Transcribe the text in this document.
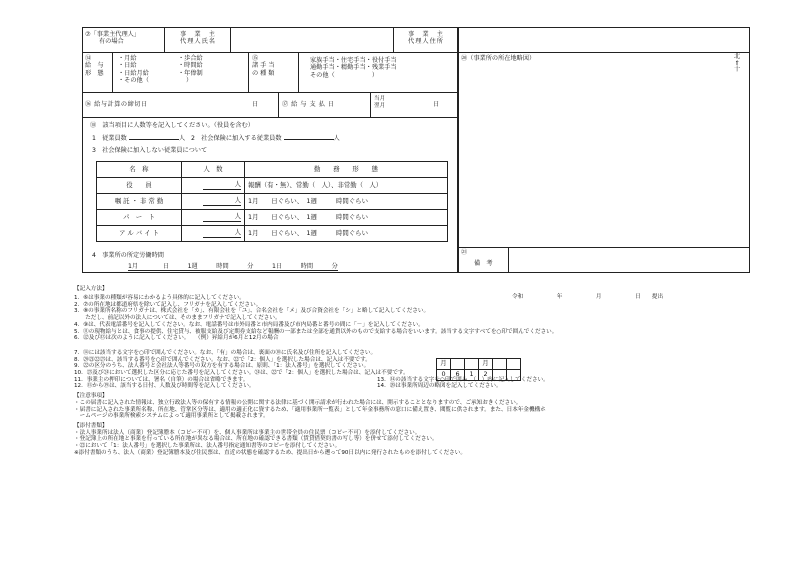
⑦「事業主代理人」
有の場合
事　業　主
代理人氏名
事　業　主
代理人住所
⑭
給　与
形　態
・月給	・歩合給
・日給	・時間給
・日給月給	・年俸制
・その他（　　　　　　）
⑮
諸 手 当
の 種 類
家族手当・住宅手当・役付手当
通勤手当・精勤手当・残業手当
その他（　　　　　　）
⑳（事業所の所在地略図）	北
⇑
十
⑯ 給与計算の締切日	日	⑰ 給 与 支 払 日
当月
翌月	日
⑱　該当項目に人数等を記入してください。（役員を含む）
1　従業員数	人 2　社会保険に加入する従業員数	人
3　社会保険に加入しない従業員について
名　称	人　数	勤　　務　　形　　態
役　　員	人	報酬（有・無）、常勤（　人）、非常勤（　人）
嘱 託 ・ 非 常 勤	人	1月　　日ぐらい、　1週　　　時間ぐらい
パ　ー　ト	人	1月　　日ぐらい、　1週　　　時間ぐらい
ア ル バ イ ト	人	1月　　日ぐらい、　1週　　　時間ぐらい
4　事業所の所定労働時間
1月　　　　日　　　1週　　　時間　　　分　　　1日　　　時間　　　分
㉑
備　考
【記入方法】
1．⑥は事業の種類が容易にわかるよう具体的に記入してください。
2．⑦の所在地は都道府県を除いて記入し、フリガナを記入してください。
3．⑧の事業所名称のフリガナは、株式会社を「カ」、有限会社を「ユ」、合名会社を「メ」及び合資会社を「シ」と略して記入してください。
　　ただし、前記以外の法人については、そのままフリガナで記入してください。
4．⑨は、代表電話番号を記入してください。なお、電話番号は市外局番と市内局番及び市内局番と番号の間に「－」を記入してください。
5．⑪の現物給与とは、食事の提供、住宅貸与、被服支給及び定期券支給など報酬の一部または全部を通貨以外のもので支給する場合をいいます。該当する文字すべてを○印で囲んでください。
6．⑫及び⑬は次のように記入してください。　　（例）昇給月が6月と12月の場合
7．⑭には該当する文字を○印で囲んでください。なお、「有」の場合は、裏面の⑱に氏名及び住所を記入してください。
8．⑳㉑㉒㉓は、該当する番号を○印で囲んでください。なお、㉒で「2：個人」を選択した場合は、記入は不要です。
9．㉒の区分のうち、法人番号と会社法人等番号の双方を有する場合は、原則、「1：法人番号」を選択してください。
10．㉓及び㉔において選択した区分に応じた番号を記入してください。㉔は、㉒で「2：個人」を選択した場合は、記入は不要です。
11．事業主の押印については、署名（自筆）の場合は省略できます。	13．⑭の該当する文字を○印で囲み、（　）内に記入してください。
12．⑮から⑲は、該当する日付、人数及び時間等を記入してください。	14．⑳は事業所周辺の略図を記入してください。
【注意事項】
・この届書に記入された情報は、独立行政法人等の保有する情報の公開に関する法律に基づく開示請求が行われた場合には、開示することとなりますので、ご承知おきください。
・届書に記入された事業所名称、所在地、管掌区分等は、適用の適正化に資するため、「適用事業所一覧表」として年金事務所の窓口に備え置き、閲覧に供されます。また、日本年金機構ホ
　ームページの事業所検索システムによって適用事業所として掲載されます。
【添付書類】
・法人事業所は法人（商業）登記簿謄本（コピー不可）を、個人事業所は事業主の世帯全員の住民票（コピー不可）を添付してください。
・登記簿上の所在地と事業を行っている所在地が異なる場合は、所在地の確認できる書類（賃貸借契約書の写し等）を併せて添付してください。
・㉒において「1：法人番号」を選択した事業所は、法人番号指定通知書等のコピーを添付してください。
※添付書類のうち、法人（商業）登記簿謄本及び住民票は、直近の状態を確認するため、提出日から遡って90日以内に発行されたものを添付してください。
令和　　　　　　年　　　　　　月　　　　　　日　　提出
月			月		
0	6	1	2		
